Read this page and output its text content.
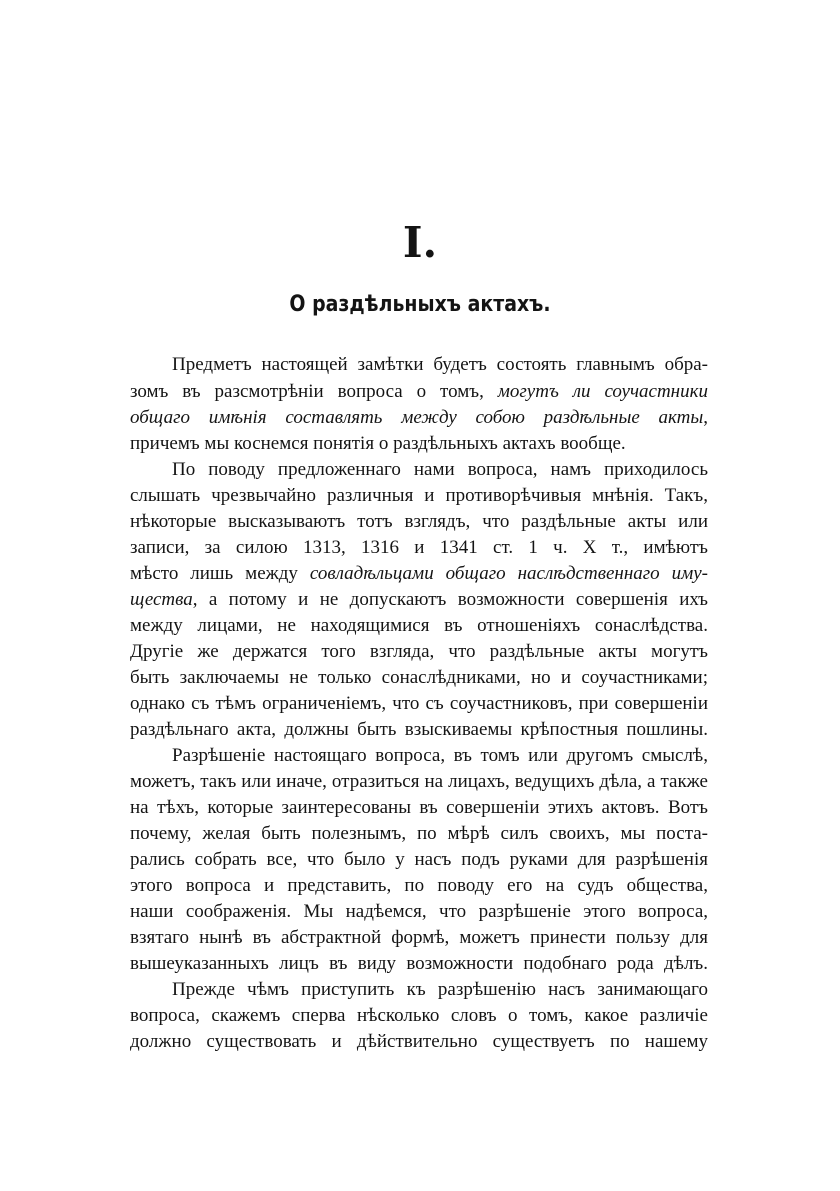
I.
О раздѣльныхъ актахъ.
Предметъ настоящей замѣтки будетъ состоять главнымъ обра-
зомъ въ разсмотрѣніи вопроса о томъ, могутъ ли соучастники
общаго имѣнія составлять между собою раздѣльные акты,
причемъ мы коснемся понятія о раздѣльныхъ актахъ вообще.
По поводу предложеннаго нами вопроса, намъ приходилось
слышать чрезвычайно различныя и противорѣчивыя мнѣнія. Такъ,
нѣкоторые высказываютъ тотъ взглядъ, что раздѣльные акты или
записи, за силою 1313, 1316 и 1341 ст. 1 ч. X т., имѣютъ
мѣсто лишь между совладѣльцами общаго наслѣдственнаго иму-
щества, а потому и не допускаютъ возможности совершенія ихъ
между лицами, не находящимися въ отношеніяхъ сонаслѣдства.
Другіе же держатся того взгляда, что раздѣльные акты могутъ
быть заключаемы не только сонаслѣдниками, но и соучастниками;
однако съ тѣмъ ограниченіемъ, что съ соучастниковъ, при совершеніи
раздѣльнаго акта, должны быть взыскиваемы крѣпостныя пошлины.
Разрѣшеніе настоящаго вопроса, въ томъ или другомъ смыслѣ,
можетъ, такъ или иначе, отразиться на лицахъ, ведущихъ дѣла, а также
на тѣхъ, которые заинтересованы въ совершеніи этихъ актовъ. Вотъ
почему, желая быть полезнымъ, по мѣрѣ силъ своихъ, мы поста-
рались собрать все, что было у насъ подъ руками для разрѣшенія
этого вопроса и представить, по поводу его на судъ общества,
наши соображенія. Мы надѣемся, что разрѣшеніе этого вопроса,
взятаго нынѣ въ абстрактной формѣ, можетъ принести пользу для
вышеуказанныхъ лицъ въ виду возможности подобнаго рода дѣлъ.
Прежде чѣмъ приступить къ разрѣшенію насъ занимающаго
вопроса, скажемъ сперва нѣсколько словъ о томъ, какое различіе
должно существовать и дѣйствительно существуетъ по нашему
